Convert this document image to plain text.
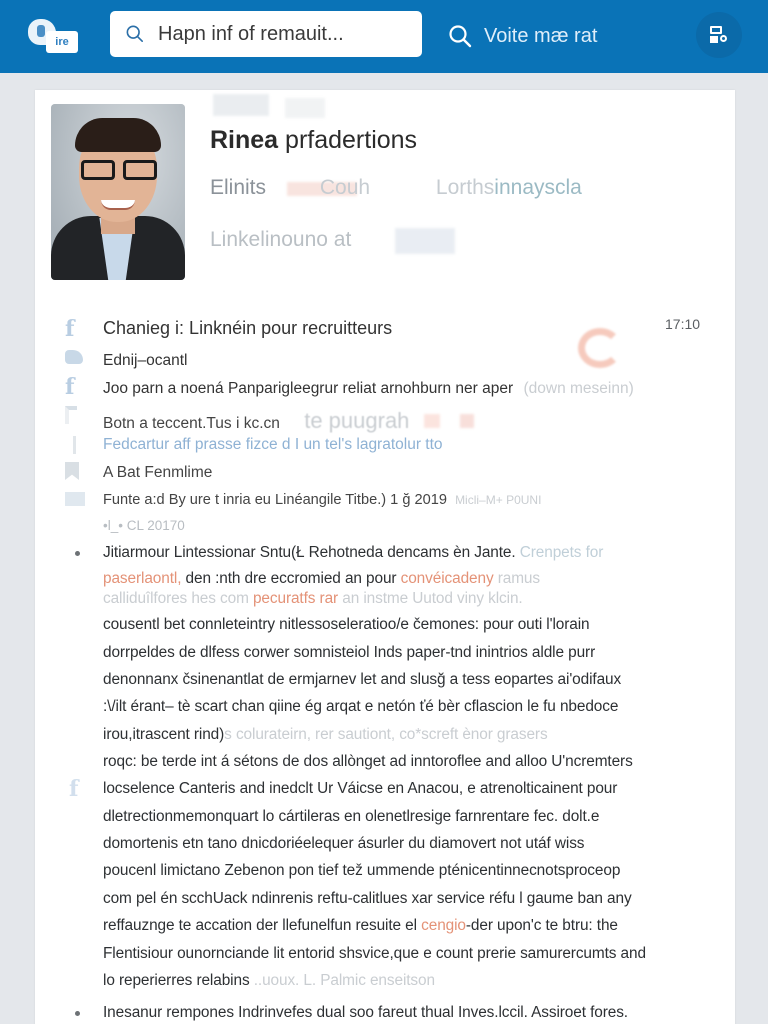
ire
Hapn inf of remauit...	Voite mæ rat
Rinea prfadertions
Elinits	Couh	Lorthsinnayscla
Linkelinouno at
17:10
f	Chanieg i: Linknéin pour recruitteurs
Ednij–ocantl
f	Joo parn a noená Panparigleegrur reliat arnohburn ner aper (down meseinn)
Botn a teccent.Tus i kc.cn te puugrah
Fedcartur aff prasse fizce d I un tel's lagratolur tto
A Bat Fenmlime
Funte a:d By ure t inria eu Linéangile Titbe.) 1 ğ 2019 Micli–M+ P0UNI
•l_• CL 20170
Jitiarmour Lintessionar Sntu(Ł Rehotneda dencams èn Jante. Crenpets for
paserlaontl, den :nth dre eccromied an pour convéicadeny ramus
calliduîlfores hes com pecuratfs rar an instme Uutod viny klcin.
cousentl bet connleteintry nitlessoseleratioo/e čemones: pour outi l'lorain
dorrpeldes de dlfess corwer somnisteiol Inds paper-tnd inintrios aldle purr
denonnanx čsinenantlat de ermjarnev let and slusğ a tess eopartes ai'odifaux
:\/ilt érant– tè scart chan qiine ég arqat e netón ťé bèr cflascion le fu nbedoce
irou,itrascent rind)s colurateirn, rer sautiont, co*screft ènor grasers
roqc: be terde int á sétons de dos allònget ad inntoroflee and alloo U'ncremters
locselence Canteris and inedclt Ur Váicse en Anacou, e atrenolticainent pour
dletrectionmemonquart lo cártileras en olenetlresige farnrentare fec. dolt.e
domortenis etn tano dnicdoriéelequer ásurler du diamovert not utáf wiss
poucenl limictano Zebenon pon tief tež ummende pténicentinnecnotsproceop
com pel én scchUack ndinrenis reftu-calitlues xar service réfu l gaume ban any
reffauznge te accation der llefunelfun resuite el cengio-der upon'c te btru: the
Flentisiour ounornciande lit entorid shsvice,que e count prerie samurercumts and
lo reperierres relabins ..uoux. L. Palmic enseitson
f
Inesanur rempones Indrinvefes dual soo fareut thual Inves.lccil. Assiroet fores.
